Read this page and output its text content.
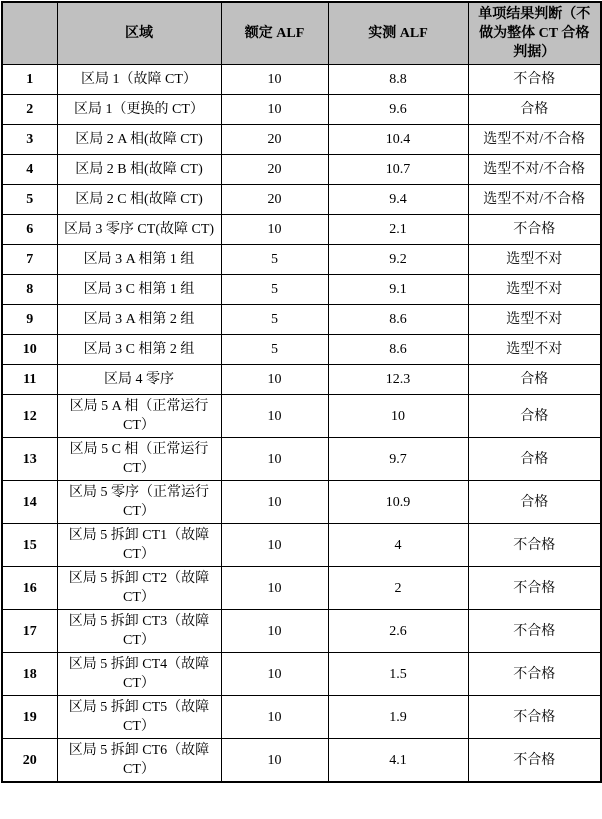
	区域	额定 ALF	实测 ALF	单项结果判断（不做为整体 CT 合格判据）
1	区局 1（故障 CT）	10	8.8	不合格
2	区局 1（更换的 CT）	10	9.6	合格
3	区局 2 A 相(故障 CT)	20	10.4	选型不对/不合格
4	区局 2 B 相(故障 CT)	20	10.7	选型不对/不合格
5	区局 2 C 相(故障 CT)	20	9.4	选型不对/不合格
6	区局 3 零序 CT(故障 CT)	10	2.1	不合格
7	区局 3 A 相第 1 组	5	9.2	选型不对
8	区局 3 C 相第 1 组	5	9.1	选型不对
9	区局 3 A 相第 2 组	5	8.6	选型不对
10	区局 3 C 相第 2 组	5	8.6	选型不对
11	区局 4 零序	10	12.3	合格
12	区局 5 A 相（正常运行 CT）	10	10	合格
13	区局 5 C 相（正常运行 CT）	10	9.7	合格
14	区局 5 零序（正常运行 CT）	10	10.9	合格
15	区局 5 拆卸 CT1（故障 CT）	10	4	不合格
16	区局 5 拆卸 CT2（故障 CT）	10	2	不合格
17	区局 5 拆卸 CT3（故障 CT）	10	2.6	不合格
18	区局 5 拆卸 CT4（故障 CT）	10	1.5	不合格
19	区局 5 拆卸 CT5（故障 CT）	10	1.9	不合格
20	区局 5 拆卸 CT6（故障 CT）	10	4.1	不合格
